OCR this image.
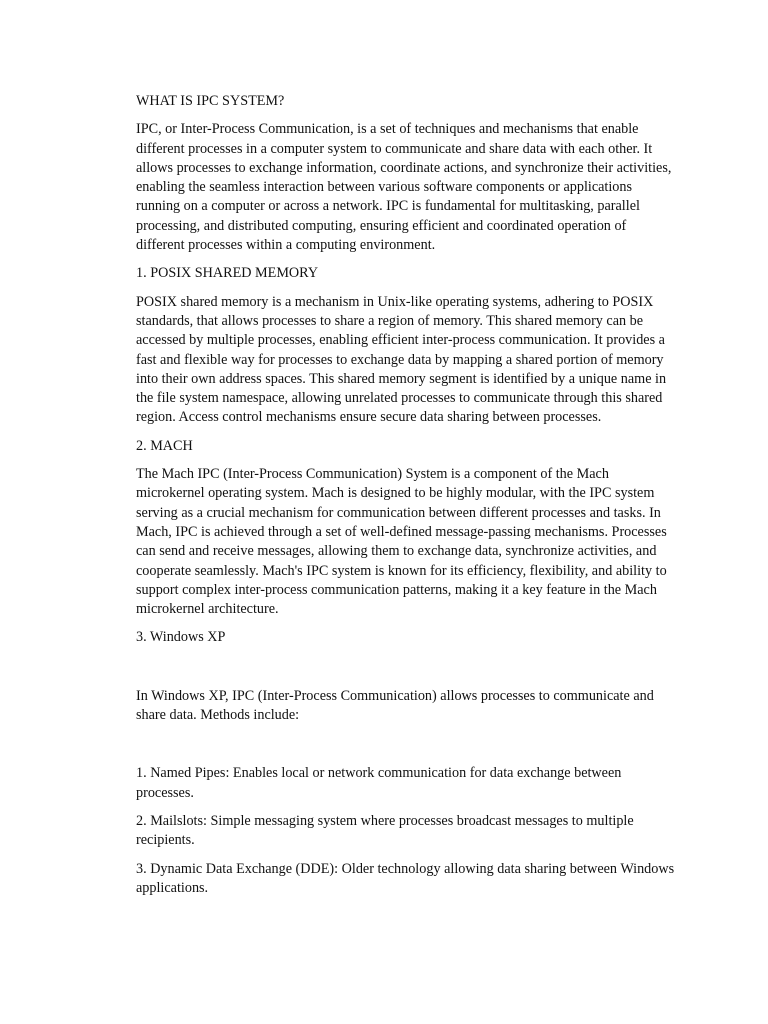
WHAT IS IPC SYSTEM?

IPC, or Inter-Process Communication, is a set of techniques and mechanisms that enable different processes in a computer system to communicate and share data with each other. It allows processes to exchange information, coordinate actions, and synchronize their activities, enabling the seamless interaction between various software components or applications running on a computer or across a network. IPC is fundamental for multitasking, parallel processing, and distributed computing, ensuring efficient and coordinated operation of different processes within a computing environment.

1. POSIX SHARED MEMORY

POSIX shared memory is a mechanism in Unix-like operating systems, adhering to POSIX standards, that allows processes to share a region of memory. This shared memory can be accessed by multiple processes, enabling efficient inter-process communication. It provides a fast and flexible way for processes to exchange data by mapping a shared portion of memory into their own address spaces. This shared memory segment is identified by a unique name in the file system namespace, allowing unrelated processes to communicate through this shared region. Access control mechanisms ensure secure data sharing between processes.

2. MACH

The Mach IPC (Inter-Process Communication) System is a component of the Mach microkernel operating system. Mach is designed to be highly modular, with the IPC system serving as a crucial mechanism for communication between different processes and tasks. In Mach, IPC is achieved through a set of well-defined message-passing mechanisms. Processes can send and receive messages, allowing them to exchange data, synchronize activities, and cooperate seamlessly. Mach's IPC system is known for its efficiency, flexibility, and ability to support complex inter-process communication patterns, making it a key feature in the Mach microkernel architecture.

3. Windows XP

In Windows XP, IPC (Inter-Process Communication) allows processes to communicate and share data. Methods include:

1. Named Pipes: Enables local or network communication for data exchange between processes.

2. Mailslots: Simple messaging system where processes broadcast messages to multiple recipients.

3. Dynamic Data Exchange (DDE): Older technology allowing data sharing between Windows applications.
